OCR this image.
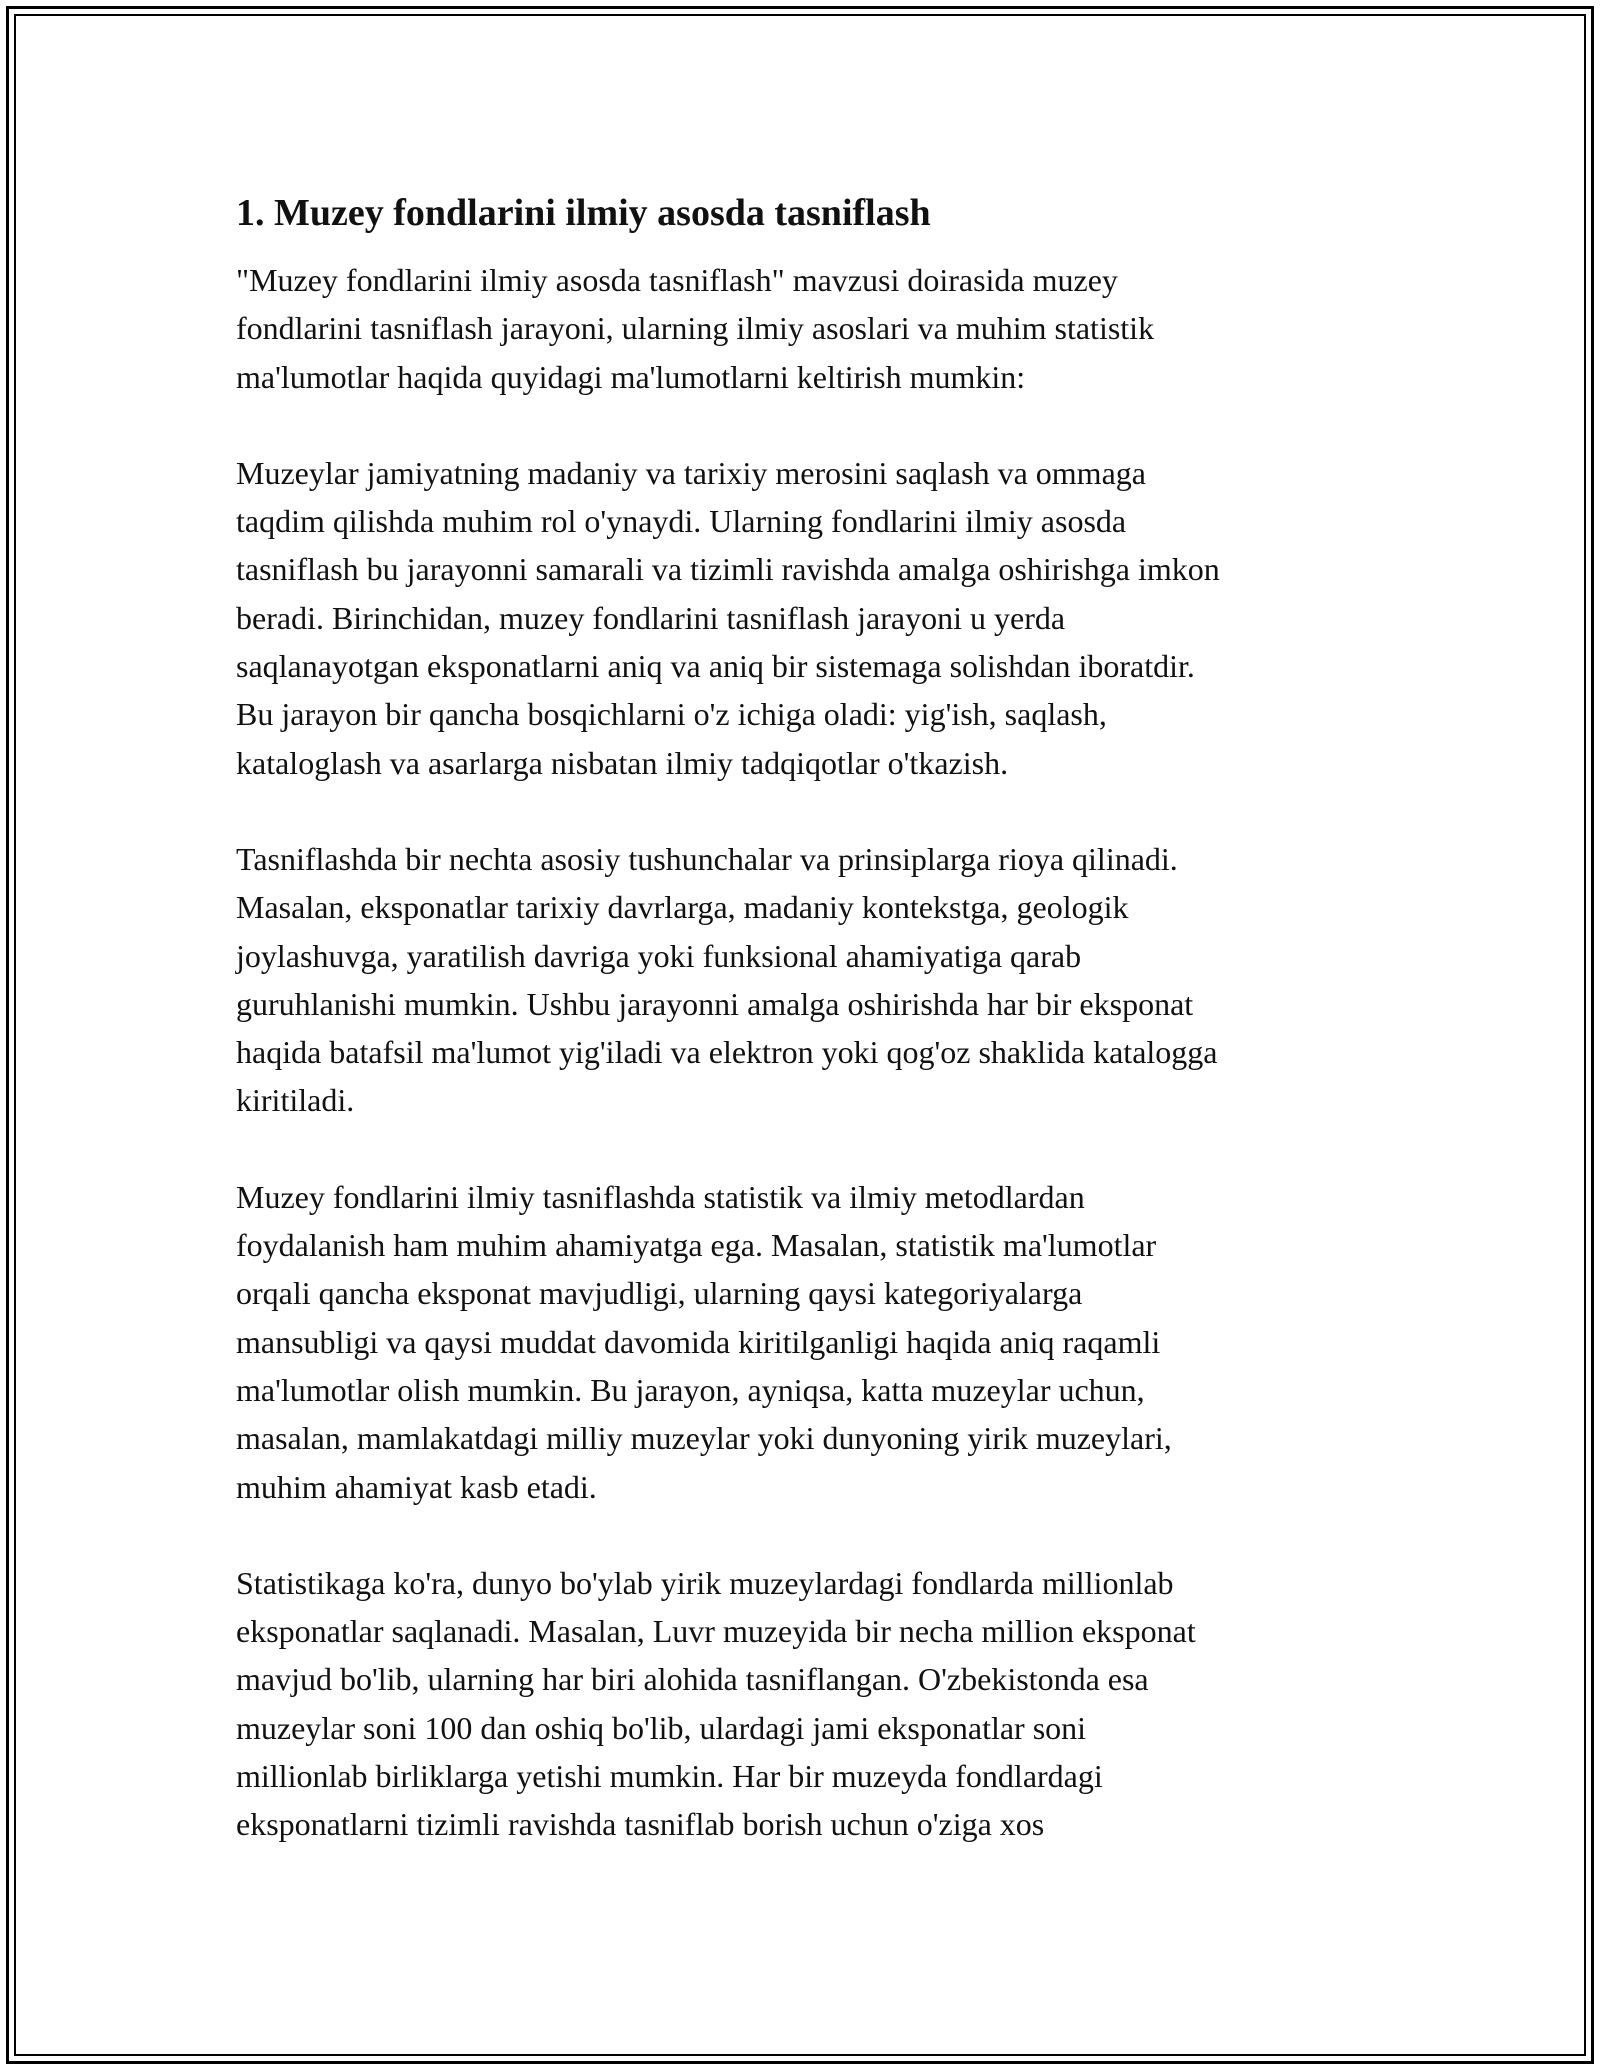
1. Muzey fondlarini ilmiy asosda tasniflash

"Muzey fondlarini ilmiy asosda tasniflash" mavzusi doirasida muzey
fondlarini tasniflash jarayoni, ularning ilmiy asoslari va muhim statistik
ma'lumotlar haqida quyidagi ma'lumotlarni keltirish mumkin:

Muzeylar jamiyatning madaniy va tarixiy merosini saqlash va ommaga
taqdim qilishda muhim rol o'ynaydi. Ularning fondlarini ilmiy asosda
tasniflash bu jarayonni samarali va tizimli ravishda amalga oshirishga imkon
beradi. Birinchidan, muzey fondlarini tasniflash jarayoni u yerda
saqlanayotgan eksponatlarni aniq va aniq bir sistemaga solishdan iboratdir.
Bu jarayon bir qancha bosqichlarni o'z ichiga oladi: yig'ish, saqlash,
kataloglash va asarlarga nisbatan ilmiy tadqiqotlar o'tkazish.

Tasniflashda bir nechta asosiy tushunchalar va prinsiplarga rioya qilinadi.
Masalan, eksponatlar tarixiy davrlarga, madaniy kontekstga, geologik
joylashuvga, yaratilish davriga yoki funksional ahamiyatiga qarab
guruhlanishi mumkin. Ushbu jarayonni amalga oshirishda har bir eksponat
haqida batafsil ma'lumot yig'iladi va elektron yoki qog'oz shaklida katalogga
kiritiladi.

Muzey fondlarini ilmiy tasniflashda statistik va ilmiy metodlardan
foydalanish ham muhim ahamiyatga ega. Masalan, statistik ma'lumotlar
orqali qancha eksponat mavjudligi, ularning qaysi kategoriyalarga
mansubligi va qaysi muddat davomida kiritilganligi haqida aniq raqamli
ma'lumotlar olish mumkin. Bu jarayon, ayniqsa, katta muzeylar uchun,
masalan, mamlakatdagi milliy muzeylar yoki dunyoning yirik muzeylari,
muhim ahamiyat kasb etadi.

Statistikaga ko'ra, dunyo bo'ylab yirik muzeylardagi fondlarda millionlab
eksponatlar saqlanadi. Masalan, Luvr muzeyida bir necha million eksponat
mavjud bo'lib, ularning har biri alohida tasniflangan. O'zbekistonda esa
muzeylar soni 100 dan oshiq bo'lib, ulardagi jami eksponatlar soni
millionlab birliklarga yetishi mumkin. Har bir muzeyda fondlardagi
eksponatlarni tizimli ravishda tasniflab borish uchun o'ziga xos
